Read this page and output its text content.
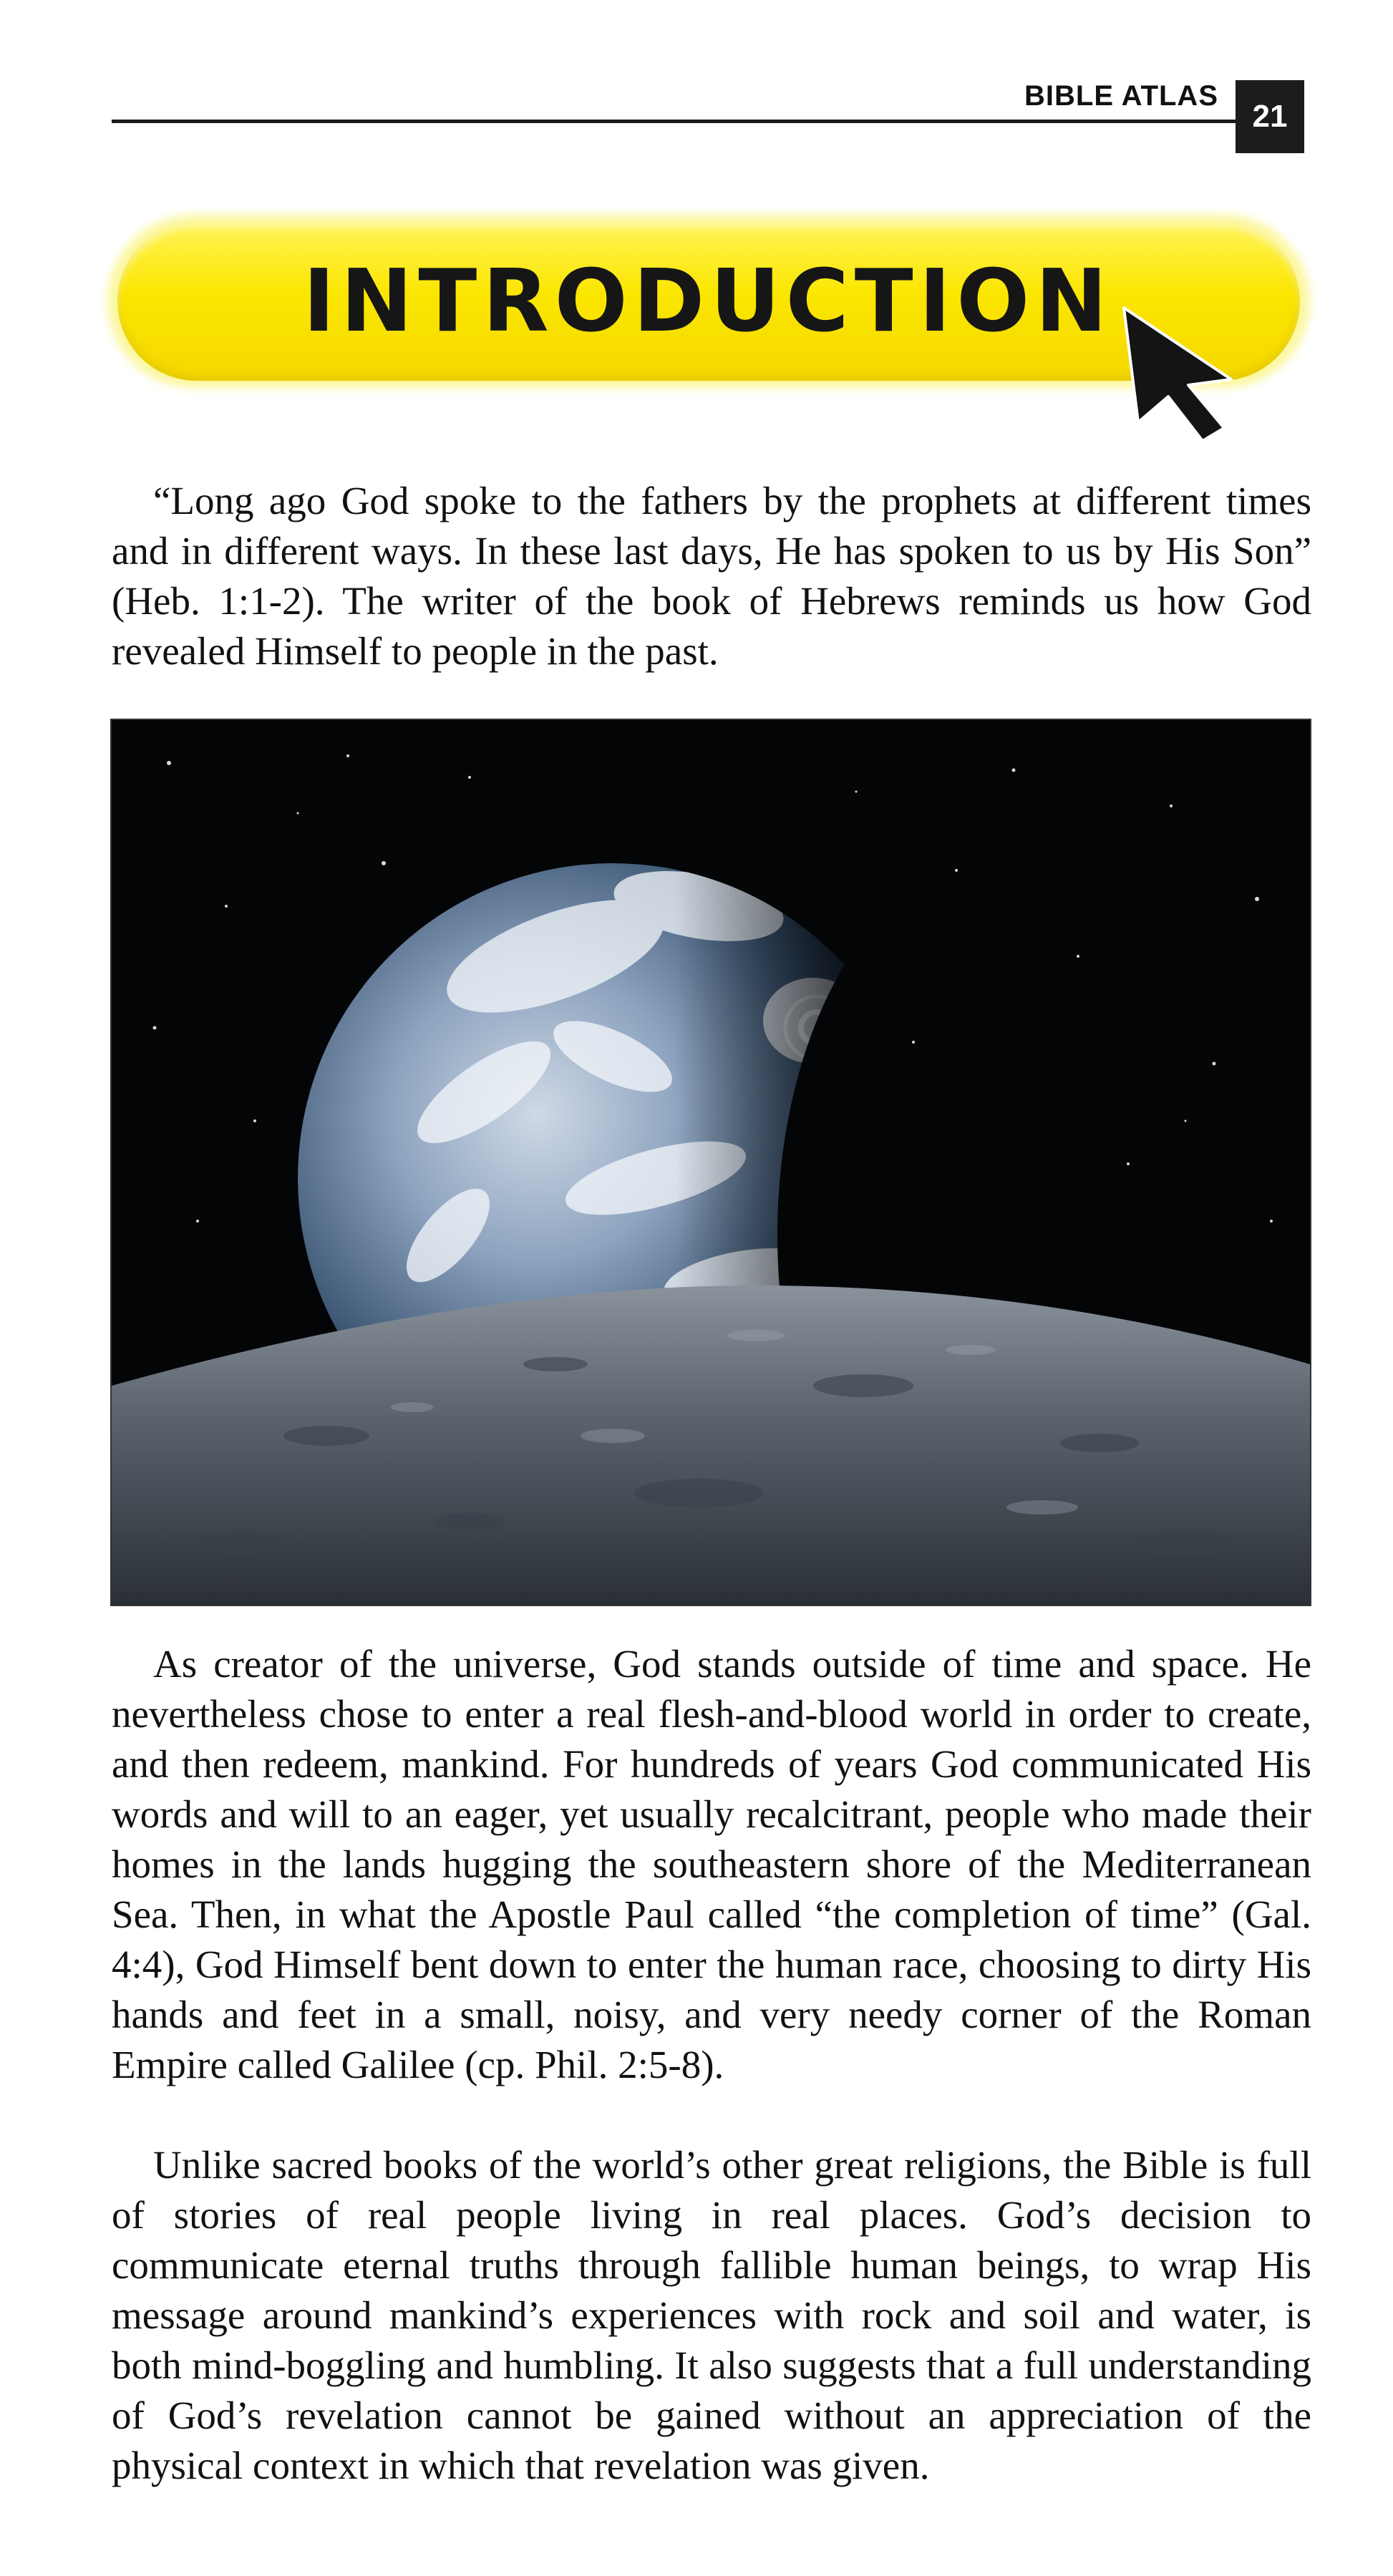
BIBLE ATLAS
21
INTRODUCTION

“Long ago God spoke to the fathers by the prophets at different times and in different ways. In these last days, He has spoken to us by His Son” (Heb. 1:1-2). The writer of the book of Hebrews reminds us how God revealed Himself to people in the past.

As creator of the universe, God stands outside of time and space. He nevertheless chose to enter a real flesh-and-blood world in order to create, and then redeem, mankind. For hundreds of years God communicated His words and will to an eager, yet usually recalcitrant, people who made their homes in the lands hugging the southeastern shore of the Mediterranean Sea. Then, in what the Apostle Paul called “the completion of time” (Gal. 4:4), God Himself bent down to enter the human race, choosing to dirty His hands and feet in a small, noisy, and very needy corner of the Roman Empire called Galilee (cp. Phil. 2:5-8).

Unlike sacred books of the world’s other great religions, the Bible is full of stories of real people living in real places. God’s decision to communicate eternal truths through fallible human beings, to wrap His message around mankind’s experiences with rock and soil and water, is both mind-boggling and humbling. It also suggests that a full understanding of God’s revelation cannot be gained without an appreciation of the physical context in which that revelation was given.
